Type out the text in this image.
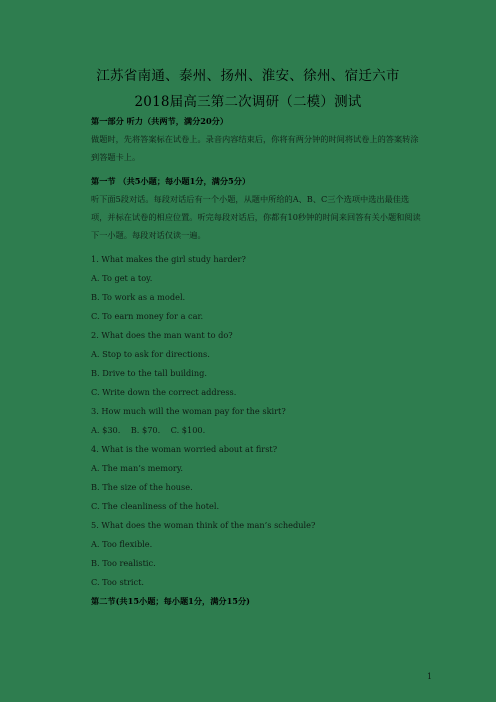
江苏省南通、泰州、扬州、淮安、徐州、宿迁六市
2018届高三第二次调研（二模）测试
第一部分 听力（共两节，满分20分）
做题时，先将答案标在试卷上。录音内容结束后，你将有两分钟的时间将试卷上的答案转涂到答题卡上。
第一节 （共5小题；每小题1分，满分5分）
听下面5段对话。每段对话后有一个小题，从题中所给的A、B、C三个选项中选出最佳选项，并标在试卷的相应位置。听完每段对话后，你都有10秒钟的时间来回答有关小题和阅读下一小题。每段对话仅读一遍。
1. What makes the girl study harder?
A. To get a toy.
B. To work as a model.
C. To earn money for a car.
2. What does the man want to do?
A. Stop to ask for directions.
B. Drive to the tall building.
C. Write down the correct address.
3. How much will the woman pay for the skirt?
A. $30.    B. $70.    C. $100.
4. What is the woman worried about at first?
A. The man’s memory.
B. The size of the house.
C. The cleanliness of the hotel.
5. What does the woman think of the man’s schedule?
A. Too flexible.
B. Too realistic.
C. Too strict.
第二节(共15小题；每小题1分，满分15分)
1
